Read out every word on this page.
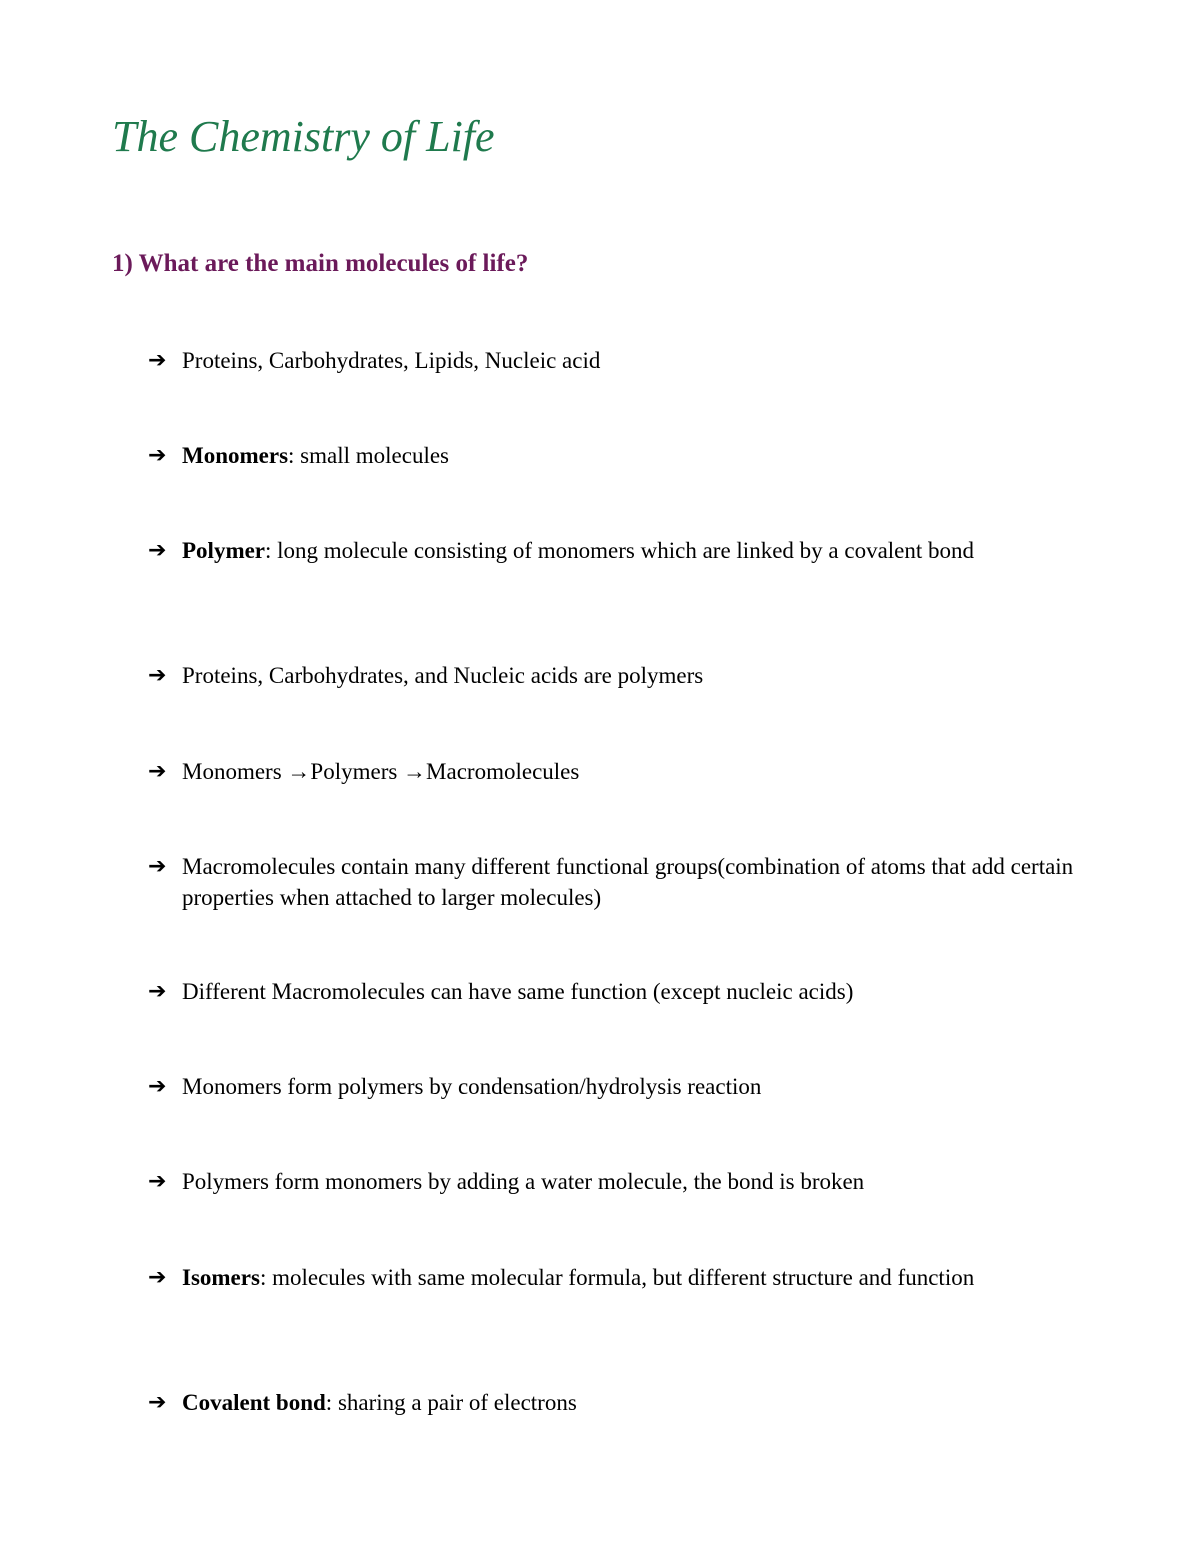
The Chemistry of Life
1) What are the main molecules of life?
➔ Proteins, Carbohydrates, Lipids, Nucleic acid
➔ Monomers: small molecules
➔ Polymer: long molecule consisting of monomers which are linked by a covalent bond
➔ Proteins, Carbohydrates, and Nucleic acids are polymers
➔ Monomers →Polymers →Macromolecules
➔ Macromolecules contain many different functional groups(combination of atoms that add certain properties when attached to larger molecules)
➔ Different Macromolecules can have same function (except nucleic acids)
➔ Monomers form polymers by condensation/hydrolysis reaction
➔ Polymers form monomers by adding a water molecule, the bond is broken
➔ Isomers: molecules with same molecular formula, but different structure and function
➔ Covalent bond: sharing a pair of electrons
